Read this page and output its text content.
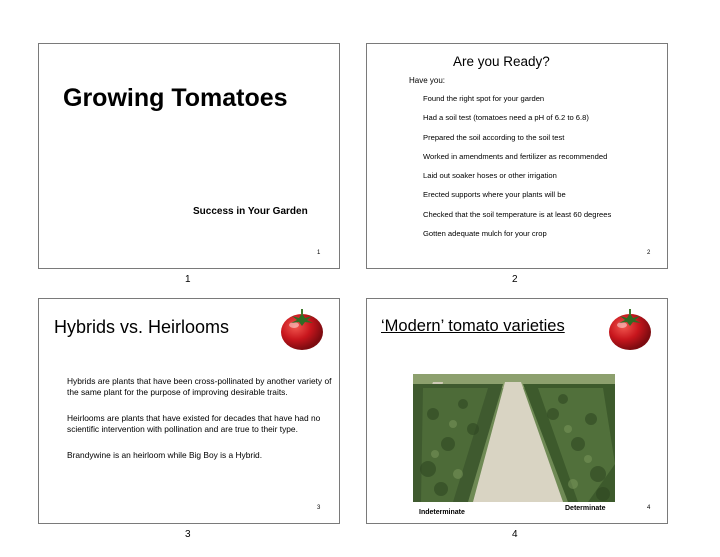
Growing Tomatoes
Success in Your Garden
1
1
Are you Ready?
Have you:
Found the right spot for your garden
Had a soil test (tomatoes need a pH of 6.2 to 6.8)
Prepared the soil according to the soil test
Worked in amendments and fertilizer as recommended
Laid out soaker hoses or other irrigation
Erected supports where your plants will be
Checked that the soil temperature is at least 60 degrees
Gotten adequate mulch for your crop
2
2
Hybrids vs. Heirlooms

Hybrids are plants that have been cross-pollinated by another variety of the same plant for the purpose of improving desirable traits.

Heirlooms are plants that have existed for decades that have had no scientific intervention with pollination and are true to their type.

Brandywine is an heirloom while Big Boy is a Hybrid.

3
3
‘Modern’ tomato varieties
Indeterminate
Determinate	4
4
